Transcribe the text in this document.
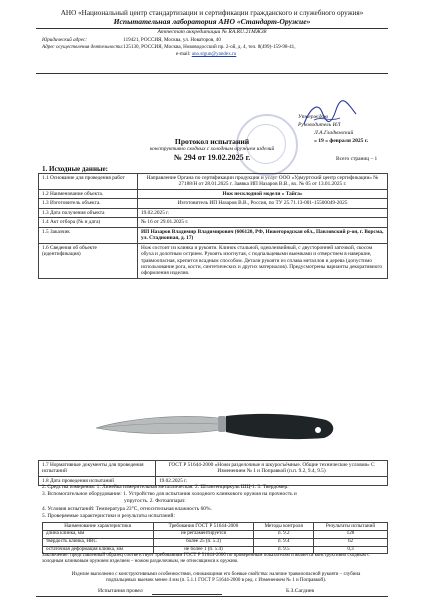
АНО «Национальный центр стандартизации и сертификации гражданского и служебного оружия»
Испытательная лаборатория АНО «Стандарт-Оружие»
Аттестат аккредитации № RA.RU.21МЖ38
Юридический адрес:	119421, РОССИЯ, Москва, ул. Новаторов, 40
Адрес осуществления деятельности: 125130, РОССИЯ, Москва, Нововодосский пр. 2-ой, д. 4, тел. 8(499)-159-98-41,
e-mail: ano.stgun@yandex.ru
Утверждаю
Руководитель ИЛ
Л.А.Гладковский
« 19 » февраля 2025 г.
Протокол испытаний
конструктивно сходных с холодным оружием изделий
№ 294 от 19.02.2025 г.	Всего страниц – 1
1. Исходные данные:
1.1 Основание для проведения работ	Направление Органа по сертификации продукции и услуг ООО «Удмуртский центр сертификации» № 27188/Н от 28.01.2025 г. Заявка ИП Назаров В.В., вх. № 05 от 13.01.2025 г.
1.2 Наименование объекта.	Нож несклодной модели « Тайга»
1.3 Изготовитель объекта.	Изготовитель ИП Назаров В.В., Россия, по ТУ 25.71.13-001-15500049-2025
1.3 Дата получения объекта	19.02.2025 г.
1.4 Акт отбора (№ и дата)	№ 16 от 29.01.2025 г.
1.5 Заказчик	ИП Назаров Владимир Владимирович (606120, РФ, Нижегородская обл., Павловский р-он, г. Ворсма, ул. Стадионная, д. 17)
1.6 Сведения об объекте (идентификация)	Нож состоит из клинка и рукояти. Клинок стальной, однолезвийный, с двусторонней заточкой, скосом обуха и долотным острием. Рукоять изогнутая, с подпальцевыми выемками и отверстием в навершие, травмоопасная, крепится всадным способом. Детали рукояти из сплава металлов и дерева (допустимо использование рога, кости, синтетических и других материалов). Предусмотрены варианты декоративного оформления изделия.
1.7 Нормативные документы для проведения испытаний	ГОСТ Р 51644-2000 «Ножи разделочные и шкуросъёмные. Общие технические условия» С Изменением № 1 и Поправкой (п.п. 9.2, 9.4, 9.5)
1.8 Дата проведения испытаний	19.02.2025 г.
2. Средства измерения: 1. Линейка измерительная металлическая. 2. Штангенциркуль ШЦ-1. 3. Твердомер.
3. Вспомогательное оборудование: 1. Устройство для испытания холодного клинкового оружия на прочность и
упругость. 2. Фотоаппарат.
4. Условия испытаний: Температура 23°С, относительная влажность 60%.
5. Проверяемые характеристики и результаты испытаний:
Наименование характеристики	Требования ГОСТ Р 51644-2000	Методы контроля	Результаты испытаний
длина клинка, мм	не регламентируется	п. 9.2	128
твердость клинка, HRC	более 25 (п. 5.3)	п. 9.4	62
остаточная деформация клинка, мм	не более 1 (п. 5.4)	п. 9.5	0,3
Заключение: представленный образец соответствует требованиям ГОСТ Р 51644-2000 по проверенным показателям и является конструктивно сходным с холодным клинковым оружием изделием – ножом разделочным, не относящимся к оружию.
Изделие выполнено с конструктивными особенностями, снижающими его боевые свойства: наличие травмоопасной рукояти – глубина подпальцевых выемок менее 4 мм (п. 5.1.1 ГОСТ Р 51644-2000 в ред. с Изменением № 1 и Поправкой).
Испытания провел	Б.З.Сагдиев
